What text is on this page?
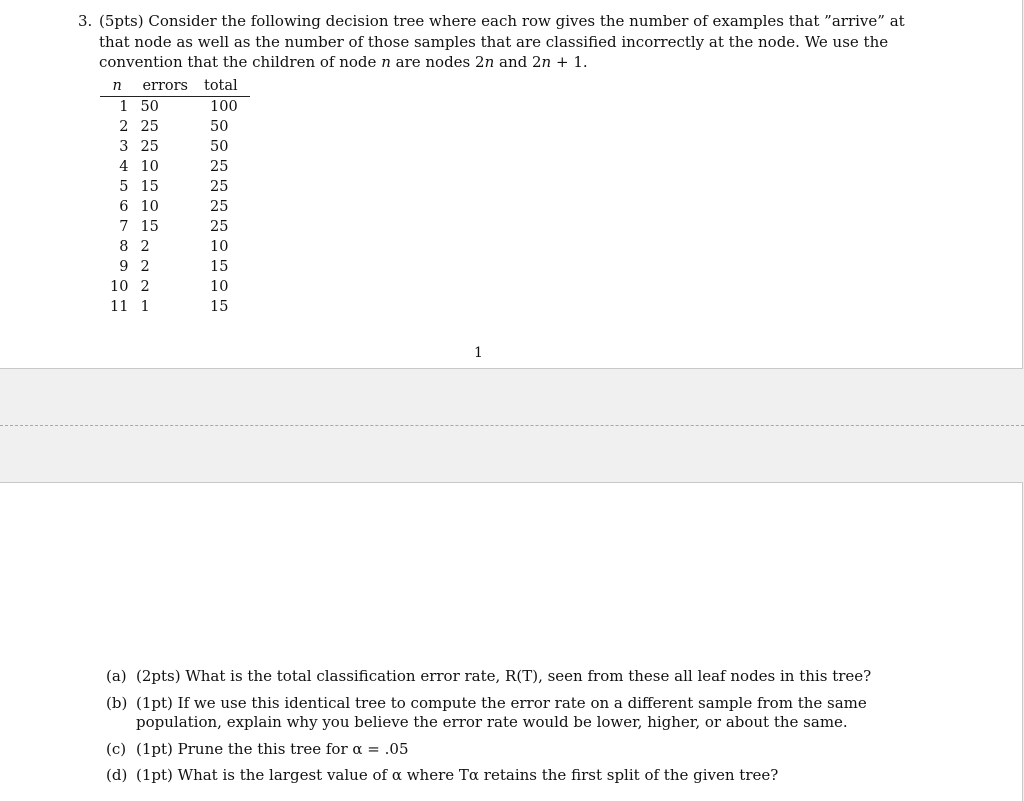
3. (5pts) Consider the following decision tree where each row gives the number of examples that ”arrive” at that node as well as the number of those samples that are classified incorrectly at the node. We use the convention that the children of node n are nodes 2n and 2n + 1.
n	errors	total
1	50	100
2	25	50
3	25	50
4	10	25
5	15	25
6	10	25
7	15	25
8	2	10
9	2	15
10	2	10
11	1	15
1
(a) (2pts) What is the total classification error rate, R(T), seen from these all leaf nodes in this tree?
(b) (1pt) If we use this identical tree to compute the error rate on a different sample from the same population, explain why you believe the error rate would be lower, higher, or about the same.
(c) (1pt) Prune the this tree for α = .05
(d) (1pt) What is the largest value of α where Tα retains the first split of the given tree?
